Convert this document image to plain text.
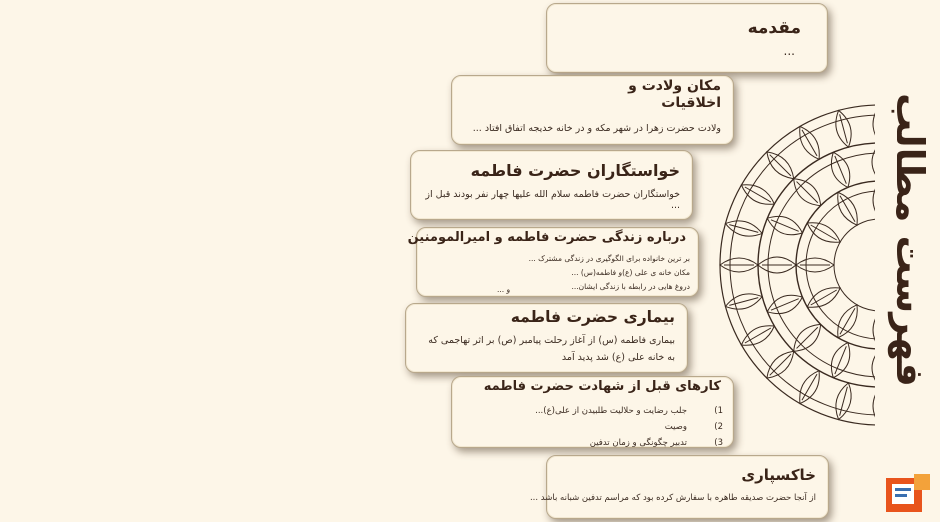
فهرست مطالب
مقدمه
...
مکان ولادت و
اخلاقیات
ولادت حضرت زهرا در شهر مکه و در خانه خدیجه اتفاق افتاد ...
خواستگاران حضرت فاطمه
خواستگاران حضرت فاطمه سلام الله علیها چهار نفر بودند قبل از ...
درباره زندگی حضرت فاطمه و امیرالمومنین
بر ترین خانواده برای الگوگیری در زندگی مشترک ...
مکان خانه ی علی (ع)و فاطمه(س) ...
دروغ هایی در رابطه با زندگی ایشان...
و ...
بیماری حضرت فاطمه
بیماری فاطمه (س) از آغاز رحلت پیامبر (ص) بر اثر تهاجمی که
به خانه علی (ع) شد پدید آمد
کارهای قبل از شهادت حضرت فاطمه
1)جلب رضایت و حلالیت طلبیدن از علی(ع)...
2)وصیت
3)تدبیر چگونگی و زمان تدفین
خاکسپاری
از آنجا حضرت صدیقه طاهره با سفارش کرده بود که مراسم تدفین شبانه باشد ...
